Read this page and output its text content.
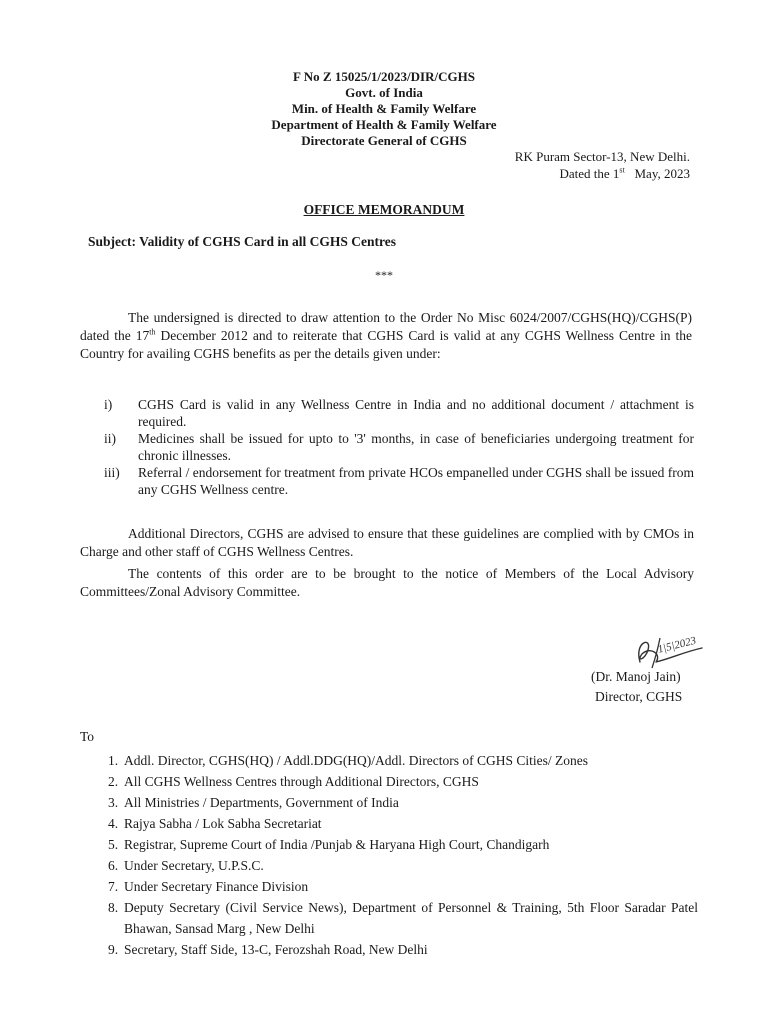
F No Z 15025/1/2023/DIR/CGHS
Govt. of India
Min. of Health & Family Welfare
Department of Health & Family Welfare
Directorate General of CGHS
RK Puram Sector-13, New Delhi.
Dated the 1st May, 2023
OFFICE MEMORANDUM
Subject: Validity of CGHS Card in all CGHS Centres
***
The undersigned is directed to draw attention to the Order No Misc 6024/2007/CGHS(HQ)/CGHS(P) dated the 17th December 2012 and to reiterate that CGHS Card is valid at any CGHS Wellness Centre in the Country for availing CGHS benefits as per the details given under:
i)	CGHS Card is valid in any Wellness Centre in India and no additional document / attachment is required.
ii)	Medicines shall be issued for upto to '3' months, in case of beneficiaries undergoing treatment for chronic illnesses.
iii)	Referral / endorsement for treatment from private HCOs empanelled under CGHS shall be issued from any CGHS Wellness centre.
Additional Directors, CGHS are advised to ensure that these guidelines are complied with by CMOs in Charge and other staff of CGHS Wellness Centres.
The contents of this order are to be brought to the notice of Members of the Local Advisory Committees/Zonal Advisory Committee.
1|5|2023
(Dr. Manoj Jain)
Director, CGHS
To
1. Addl. Director, CGHS(HQ) / Addl.DDG(HQ)/Addl. Directors of CGHS Cities/ Zones
2. All CGHS Wellness Centres through Additional Directors, CGHS
3. All Ministries / Departments, Government of India
4. Rajya Sabha / Lok Sabha Secretariat
5. Registrar, Supreme Court of India /Punjab & Haryana High Court, Chandigarh
6. Under Secretary, U.P.S.C.
7. Under Secretary Finance Division
8. Deputy Secretary (Civil Service News), Department of Personnel & Training, 5th Floor Saradar Patel Bhawan, Sansad Marg , New Delhi
9. Secretary, Staff Side, 13-C, Ferozshah Road, New Delhi
